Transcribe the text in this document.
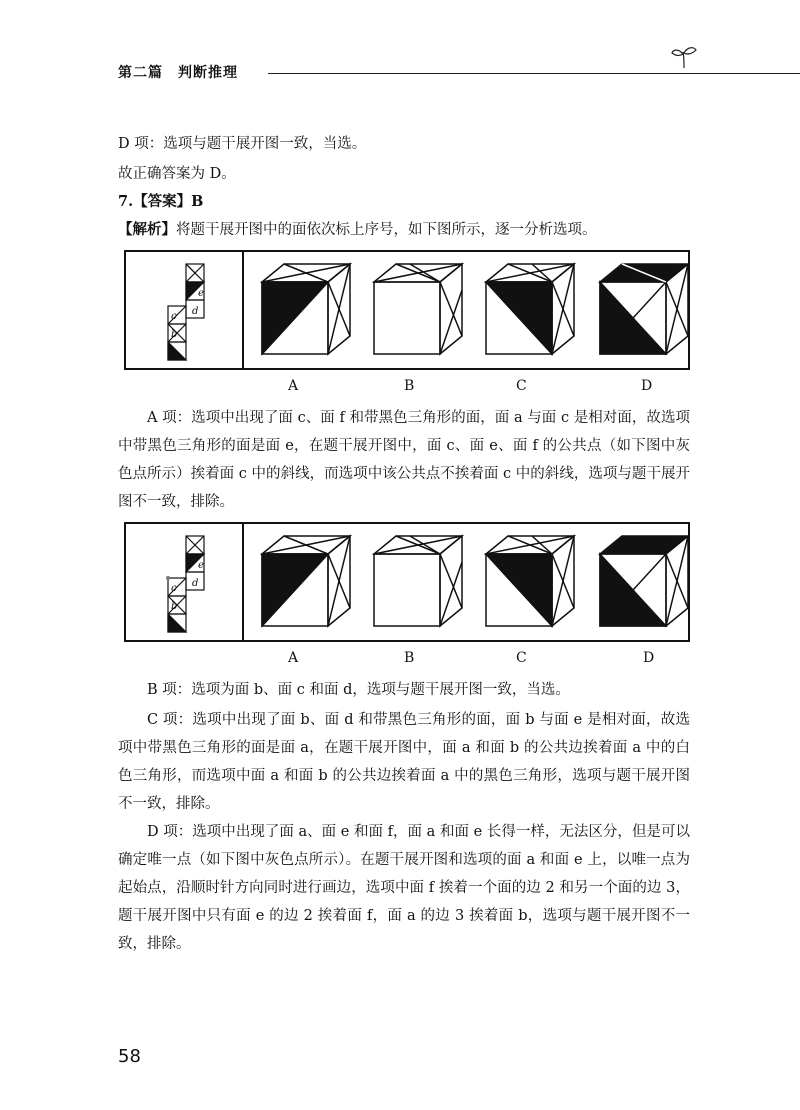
第二篇　判断推理
D 项：选项与题干展开图一致，当选。
故正确答案为 D。
7.【答案】B
【解析】将题干展开图中的面依次标上序号，如下图所示，逐一分析选项。
e
d
c
b
a
A	B	C	D
A 项：选项中出现了面 c、面 f 和带黑色三角形的面，面 a 与面 c 是相对面，故选项中带黑色三角形的面是面 e，在题干展开图中，面 c、面 e、面 f 的公共点（如下图中灰色点所示）挨着面 c 中的斜线，而选项中该公共点不挨着面 c 中的斜线，选项与题干展开图不一致，排除。
e
d
c
b
a
A	B	C	D
B 项：选项为面 b、面 c 和面 d，选项与题干展开图一致，当选。
C 项：选项中出现了面 b、面 d 和带黑色三角形的面，面 b 与面 e 是相对面，故选项中带黑色三角形的面是面 a，在题干展开图中，面 a 和面 b 的公共边挨着面 a 中的白色三角形，而选项中面 a 和面 b 的公共边挨着面 a 中的黑色三角形，选项与题干展开图不一致，排除。
D 项：选项中出现了面 a、面 e 和面 f，面 a 和面 e 长得一样，无法区分，但是可以确定唯一点（如下图中灰色点所示）。在题干展开图和选项的面 a 和面 e 上，以唯一点为起始点，沿顺时针方向同时进行画边，选项中面 f 挨着一个面的边 2 和另一个面的边 3，题干展开图中只有面 e 的边 2 挨着面 f，面 a 的边 3 挨着面 b，选项与题干展开图不一致，排除。
58
